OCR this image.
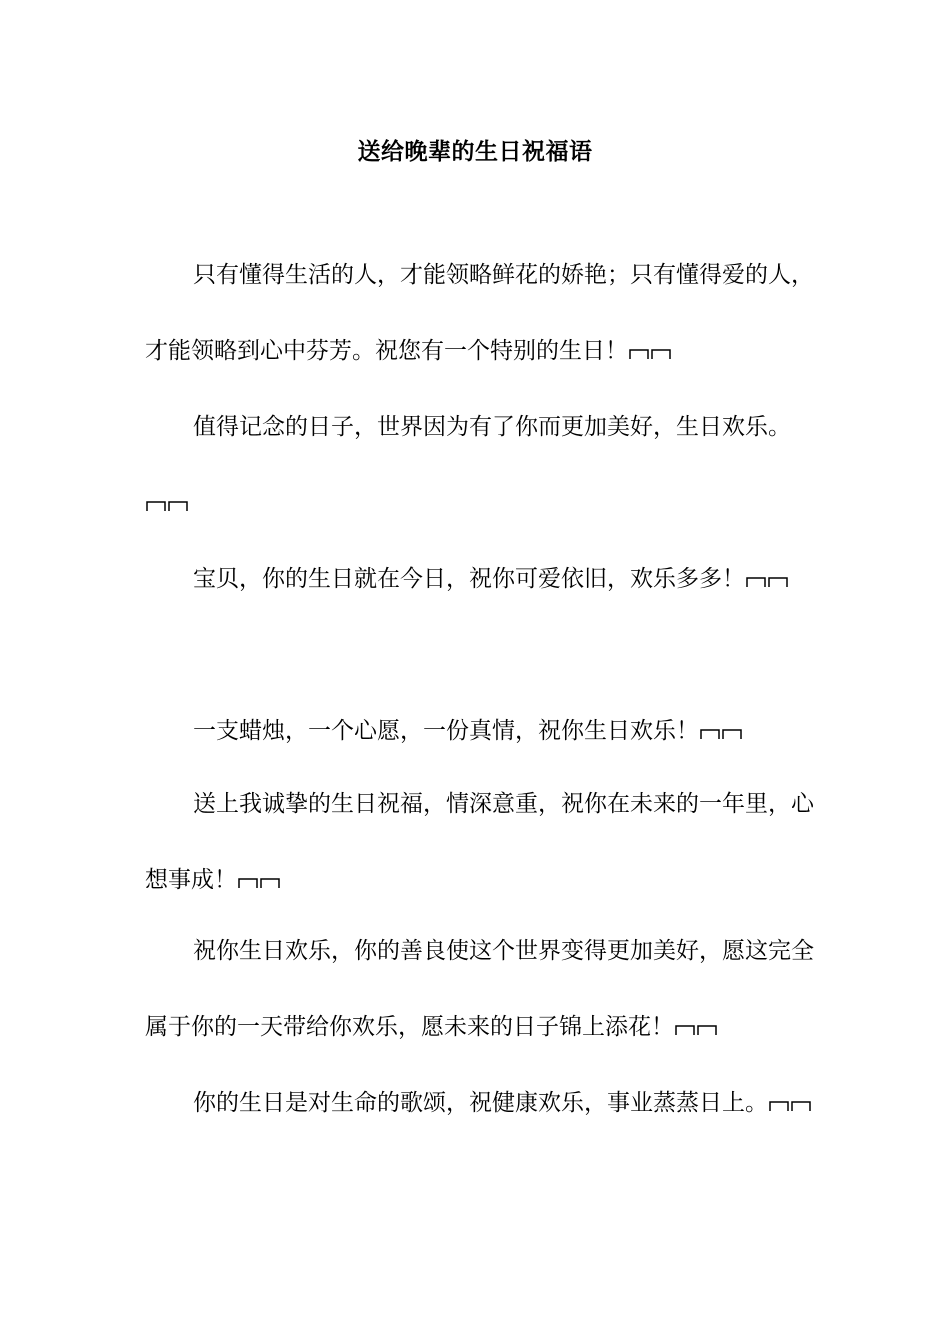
送给晚辈的生日祝福语

只有懂得生活的人，才能领略鲜花的娇艳；只有懂得爱的人，才能领略到心中芬芳。祝您有一个特别的生日！

值得记念的日子，世界因为有了你而更加美好，生日欢乐。

宝贝，你的生日就在今日，祝你可爱依旧，欢乐多多！

一支蜡烛，一个心愿，一份真情，祝你生日欢乐！

送上我诚挚的生日祝福，情深意重，祝你在未来的一年里，心想事成！

祝你生日欢乐，你的善良使这个世界变得更加美好，愿这完全属于你的一天带给你欢乐，愿未来的日子锦上添花！

你的生日是对生命的歌颂，祝健康欢乐，事业蒸蒸日上。
